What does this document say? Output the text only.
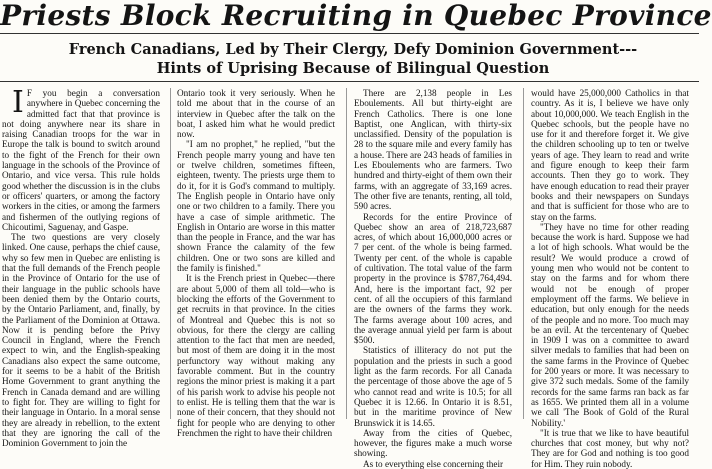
Priests Block Recruiting in Quebec Province
French Canadians, Led by Their Clergy, Defy Dominion Government---Hints of Uprising Because of Bilingual Question
I F you begin a conversation anywhere in Quebec concerning the admitted fact that that province is not doing anywhere near its share in raising Canadian troops for the war in Europe the talk is bound to switch around to the fight of the French for their own language in the schools of the Province of Ontario, and vice versa. This rule holds good whether the discussion is in the clubs or officers' quarters, or among the factory workers in the cities, or among the farmers and fishermen of the outlying regions of Chicoutimi, Saguenay, and Gaspe.

The two questions are very closely linked. One cause, perhaps the chief cause, why so few men in Quebec are enlisting is that the full demands of the French people in the Province of Ontario for the use of their language in the public schools have been denied them by the Ontario courts, by the Ontario Parliament, and, finally, by the Parliament of the Dominion at Ottawa. Now it is pending before the Privy Council in England, where the French expect to win, and the English-speaking Canadians also expect the same outcome, for it seems to be a habit of the British Home Government to grant anything the French in Canada demand and are willing to fight for. They are willing to fight for their language in Ontario. In a moral sense they are already in rebellion, to the extent that they are ignoring the call of the Dominion Government to join the

Ontario took it very seriously. When he told me about that in the course of an interview in Quebec after the talk on the boat, I asked him what he would predict now.

"I am no prophet," he replied, "but the French people marry young and have ten or twelve children, sometimes fifteen, eighteen, twenty. The priests urge them to do it, for it is God's command to multiply. The English people in Ontario have only one or two children to a family. There you have a case of simple arithmetic. The English in Ontario are worse in this matter than the people in France, and the war has shown France the calamity of the few children. One or two sons are killed and the family is finished."

It is the French priest in Quebec—there are about 5,000 of them all told—who is blocking the efforts of the Government to get recruits in that province. In the cities of Montreal and Quebec this is not so obvious, for there the clergy are calling attention to the fact that men are needed, but most of them are doing it in the most perfunctory way without making any favorable comment. But in the country regions the minor priest is making it a part of his parish work to advise his people not to enlist. He is telling them that the war is none of their concern, that they should not fight for people who are denying to other Frenchmen the right to have their children

There are 2,138 people in Les Eboulements. All but thirty-eight are French Catholics. There is one lone Baptist, one Anglican, with thirty-six unclassified. Density of the population is 28 to the square mile and every family has a house. There are 243 heads of families in Les Eboulements who are farmers. Two hundred and thirty-eight of them own their farms, with an aggregate of 33,169 acres. The other five are tenants, renting, all told, 590 acres.

Records for the entire Province of Quebec show an area of 218,723,687 acres, of which about 16,000,000 acres or 7 per cent. of the whole is being farmed. Twenty per cent. of the whole is capable of cultivation. The total value of the farm property in the province is $787,764,494. And, here is the important fact, 92 per cent. of all the occupiers of this farmland are the owners of the farms they work. The farms average about 100 acres, and the average annual yield per farm is about $500.

Statistics of illiteracy do not put the population and the priests in such a good light as the farm records. For all Canada the percentage of those above the age of 5 who cannot read and write is 10.5; for all Quebec it is 12.66. In Ontario it is 8.51, but in the maritime province of New Brunswick it is 14.65.

Away from the cities of Quebec, however, the figures make a much worse showing.

As to everything else concerning their

would have 25,000,000 Catholics in that country. As it is, I believe we have only about 10,000,000. We teach English in the Quebec schools, but the people have no use for it and therefore forget it. We give the children schooling up to ten or twelve years of age. They learn to read and write and figure enough to keep their farm accounts. Then they go to work. They have enough education to read their prayer books and their newspapers on Sundays and that is sufficient for those who are to stay on the farms.

"They have no time for other reading because the work is hard. Suppose we had a lot of high schools. What would be the result? We would produce a crowd of young men who would not be content to stay on the farms and for whom there would not be enough of proper employment off the farms. We believe in education, but only enough for the needs of the people and no more. Too much may be an evil. At the tercentenary of Quebec in 1909 I was on a committee to award silver medals to families that had been on the same farms in the Province of Quebec for 200 years or more. It was necessary to give 372 such medals. Some of the family records for the same farms ran back as far as 1655. We printed them all in a volume we call 'The Book of Gold of the Rural Nobility.'

"It is true that we like to have beautiful churches that cost money, but why not? They are for God and nothing is too good for Him. They ruin nobody.
